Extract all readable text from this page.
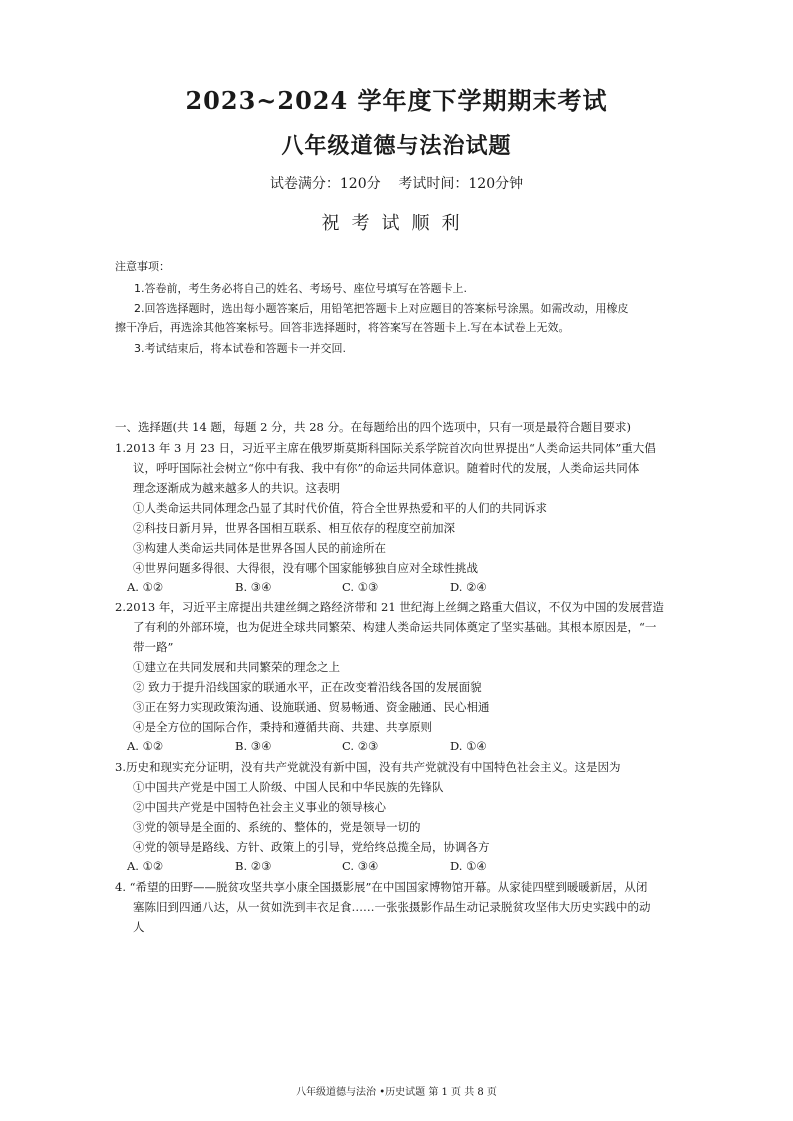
2023~2024 学年度下学期期末考试
八年级道德与法治试题
试卷满分：120分    考试时间：120分钟
祝考试顺利
注意事项：
1.答卷前，考生务必将自己的姓名、考场号、座位号填写在答题卡上.
2.回答选择题时，选出每小题答案后，用铅笔把答题卡上对应题目的答案标号涂黑。如需改动，用橡皮
擦干净后，再选涂其他答案标号。回答非选择题时，将答案写在答题卡上.写在本试卷上无效。
3.考试结束后，将本试卷和答题卡一并交回.
一、选择题(共 14 题，每题 2 分，共 28 分。在每题给出的四个选项中，只有一项是最符合题目要求)
1.2013 年 3 月 23 日，习近平主席在俄罗斯莫斯科国际关系学院首次向世界提出“人类命运共同体”重大倡
议，呼吁国际社会树立“你中有我、我中有你”的命运共同体意识。随着时代的发展，人类命运共同体
理念逐渐成为越来越多人的共识。这表明
①人类命运共同体理念凸显了其时代价值，符合全世界热爱和平的人们的共同诉求
②科技日新月异，世界各国相互联系、相互依存的程度空前加深
③构建人类命运共同体是世界各国人民的前途所在
④世界问题多得很、大得很，没有哪个国家能够独自应对全球性挑战
A. ①②	B. ③④	C. ①③	D. ②④
2.2013 年，习近平主席提出共建丝绸之路经济带和 21 世纪海上丝绸之路重大倡议，不仅为中国的发展营造
了有利的外部环境，也为促进全球共同繁荣、构建人类命运共同体奠定了坚实基础。其根本原因是，“一
带一路”
①建立在共同发展和共同繁荣的理念之上
② 致力于提升沿线国家的联通水平，正在改变着沿线各国的发展面貌
③正在努力实现政策沟通、设施联通、贸易畅通、资金融通、民心相通
④是全方位的国际合作，秉持和遵循共商、共建、共享原则
A. ①②	B. ③④	C. ②③	D. ①④
3.历史和现实充分证明，没有共产党就没有新中国，没有共产党就没有中国特色社会主义。这是因为
①中国共产党是中国工人阶级、中国人民和中华民族的先锋队
②中国共产党是中国特色社会主义事业的领导核心
③党的领导是全面的、系统的、整体的，党是领导一切的
④党的领导是路线、方针、政策上的引导，党给终总揽全局，协调各方
A. ①②	B. ②③	C. ③④	D. ①④
4. “希望的田野——脱贫攻坚共享小康全国摄影展”在中国国家博物馆开幕。从家徒四壁到暖暖新居，从闭
塞陈旧到四通八达，从一贫如洗到丰衣足食……一张张摄影作品生动记录脱贫攻坚伟大历史实践中的动
人
八年级道德与法治 •历史试题 第 1 页 共 8 页
